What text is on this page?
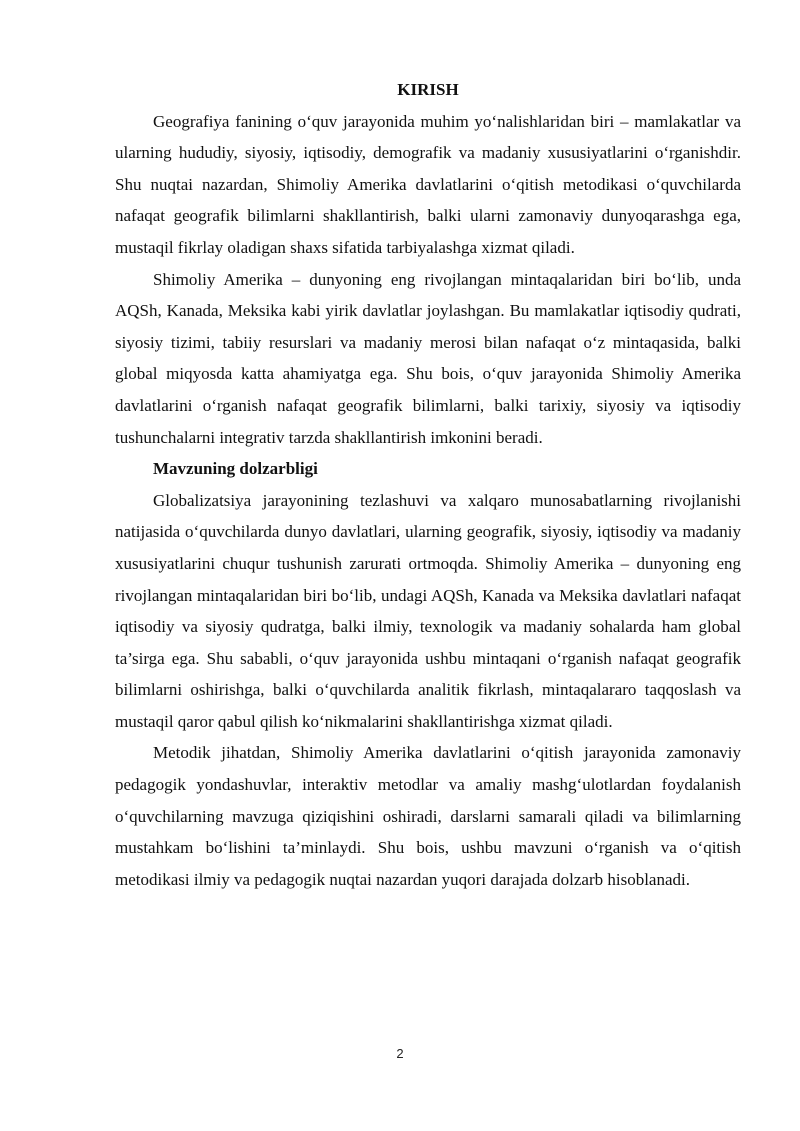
KIRISH

Geografiya fanining o‘quv jarayonida muhim yo‘nalishlaridan biri – mamlakatlar va ularning hududiy, siyosiy, iqtisodiy, demografik va madaniy xususiyatlarini o‘rganishdir. Shu nuqtai nazardan, Shimoliy Amerika davlatlarini o‘qitish metodikasi o‘quvchilarda nafaqat geografik bilimlarni shakllantirish, balki ularni zamonaviy dunyoqarashga ega, mustaqil fikrlay oladigan shaxs sifatida tarbiyalashga xizmat qiladi.

Shimoliy Amerika – dunyoning eng rivojlangan mintaqalaridan biri bo‘lib, unda AQSh, Kanada, Meksika kabi yirik davlatlar joylashgan. Bu mamlakatlar iqtisodiy qudrati, siyosiy tizimi, tabiiy resurslari va madaniy merosi bilan nafaqat o‘z mintaqasida, balki global miqyosda katta ahamiyatga ega. Shu bois, o‘quv jarayonida Shimoliy Amerika davlatlarini o‘rganish nafaqat geografik bilimlarni, balki tarixiy, siyosiy va iqtisodiy tushunchalarni integrativ tarzda shakllantirish imkonini beradi.

Mavzuning dolzarbligi

Globalizatsiya jarayonining tezlashuvi va xalqaro munosabatlarning rivojlanishi natijasida o‘quvchilarda dunyo davlatlari, ularning geografik, siyosiy, iqtisodiy va madaniy xususiyatlarini chuqur tushunish zarurati ortmoqda. Shimoliy Amerika – dunyoning eng rivojlangan mintaqalaridan biri bo‘lib, undagi AQSh, Kanada va Meksika davlatlari nafaqat iqtisodiy va siyosiy qudratga, balki ilmiy, texnologik va madaniy sohalarda ham global ta’sirga ega. Shu sababli, o‘quv jarayonida ushbu mintaqani o‘rganish nafaqat geografik bilimlarni oshirishga, balki o‘quvchilarda analitik fikrlash, mintaqalararo taqqoslash va mustaqil qaror qabul qilish ko‘nikmalarini shakllantirishga xizmat qiladi.

Metodik jihatdan, Shimoliy Amerika davlatlarini o‘qitish jarayonida zamonaviy pedagogik yondashuvlar, interaktiv metodlar va amaliy mashg‘ulotlardan foydalanish o‘quvchilarning mavzuga qiziqishini oshiradi, darslarni samarali qiladi va bilimlarning mustahkam bo‘lishini ta’minlaydi. Shu bois, ushbu mavzuni o‘rganish va o‘qitish metodikasi ilmiy va pedagogik nuqtai nazardan yuqori darajada dolzarb hisoblanadi.

2
